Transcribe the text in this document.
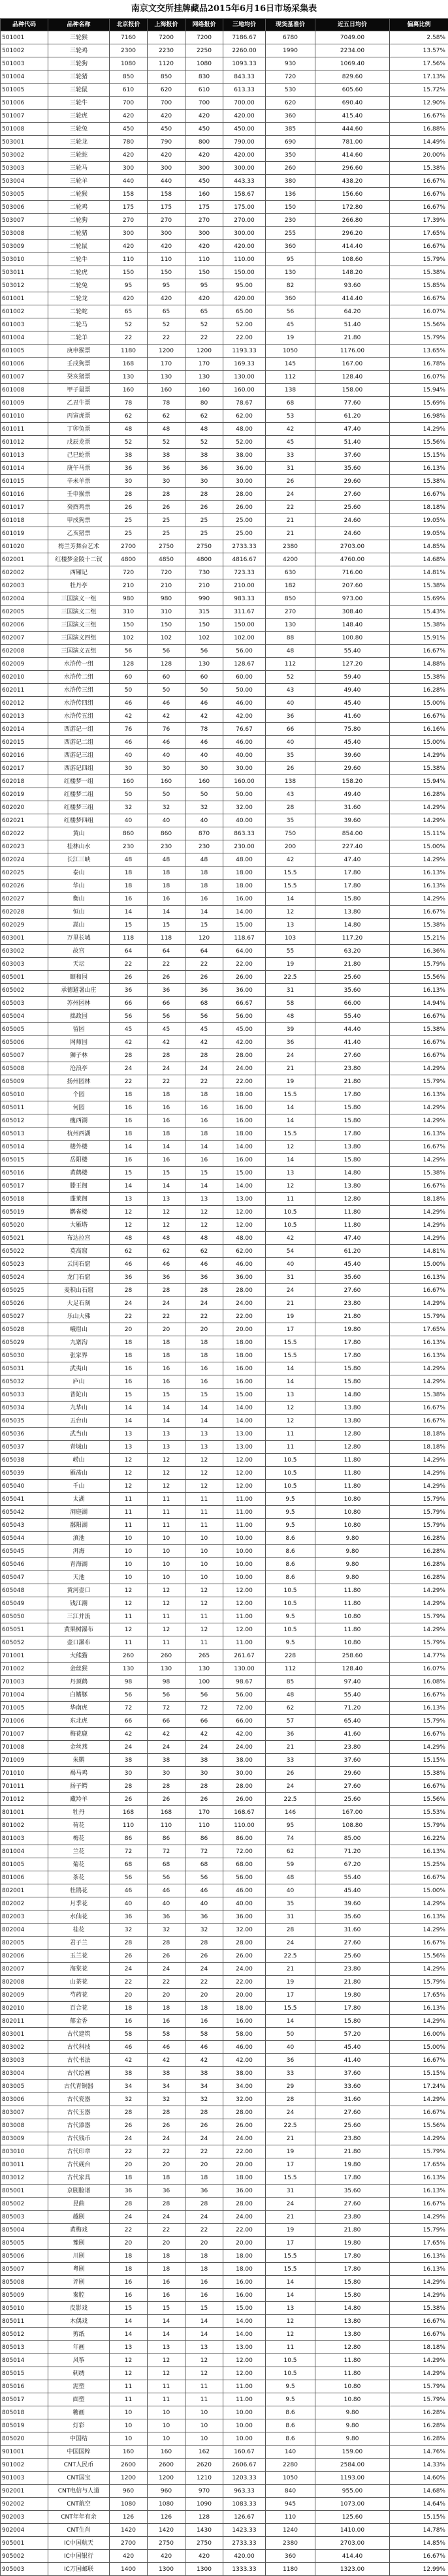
南京文交所挂牌藏品2015年6月16日市场采集表
品种代码	品种名称	北京报价	上海报价	网络报价	三地均价	现货基准价	近五日均价	偏离比例
501001	三轮猴	7160	7200	7200	7186.67	6780	7049.00	2.58%
501002	三轮鸡	2300	2230	2250	2260.00	1990	2234.00	13.57%
501003	三轮狗	1080	1120	1080	1093.33	930	1069.40	17.56%
501004	三轮猪	850	850	830	843.33	720	829.60	17.13%
501005	三轮鼠	610	620	610	613.33	530	605.60	15.72%
501006	三轮牛	700	700	700	700.00	620	690.40	12.90%
501007	三轮虎	420	420	420	420.00	360	415.40	16.67%
501008	三轮兔	450	450	450	450.00	385	444.60	16.88%
503001	三轮龙	780	790	800	790.00	690	781.00	14.49%
503002	三轮蛇	420	420	420	420.00	350	414.60	20.00%
503003	三轮马	300	300	300	300.00	260	296.60	15.38%
503004	三轮羊	440	440	450	443.33	380	438.20	16.67%
503005	二轮猴	158	158	160	158.67	136	156.60	16.67%
503006	二轮鸡	175	175	175	175.00	150	172.80	16.67%
503007	二轮狗	270	270	270	270.00	230	266.80	17.39%
503008	二轮猪	300	300	300	300.00	255	296.20	17.65%
503009	二轮鼠	420	420	420	420.00	360	414.40	16.67%
503010	二轮牛	110	110	110	110.00	95	108.60	15.79%
503011	二轮虎	150	150	150	150.00	130	148.20	15.38%
503012	二轮兔	95	95	95	95.00	82	93.60	15.85%
601001	二轮龙	420	420	420	420.00	360	414.40	16.67%
601002	二轮蛇	65	65	65	65.00	56	64.20	16.07%
601003	二轮马	52	52	52	52.00	45	51.40	15.56%
601004	二轮羊	22	22	22	22.00	19	21.80	15.79%
601005	庚申猴票	1180	1200	1200	1193.33	1050	1176.00	13.65%
601006	壬戌狗票	168	170	170	169.33	145	167.00	16.78%
601007	癸亥猪票	130	130	130	130.00	112	128.40	16.07%
601008	甲子鼠票	160	160	160	160.00	138	158.00	15.94%
601009	乙丑牛票	78	78	80	78.67	68	77.60	15.69%
601010	丙寅虎票	62	62	62	62.00	53	61.20	16.98%
601011	丁卯兔票	48	48	48	48.00	42	47.40	14.29%
601012	戊辰龙票	52	52	52	52.00	45	51.40	15.56%
601013	己巳蛇票	38	38	38	38.00	33	37.60	15.15%
601014	庚午马票	36	36	36	36.00	31	35.60	16.13%
601015	辛未羊票	30	30	30	30.00	26	29.60	15.38%
601016	壬申猴票	28	28	28	28.00	24	27.60	16.67%
601017	癸酉鸡票	26	26	26	26.00	22	25.60	18.18%
601018	甲戌狗票	25	25	25	25.00	21	24.60	19.05%
601019	乙亥猪票	25	25	25	25.00	21	24.60	19.05%
601020	梅兰芳舞台艺术	2700	2750	2750	2733.33	2380	2703.00	14.85%
602001	红楼梦金陵十二钗	4800	4850	4800	4816.67	4200	4760.00	14.68%
602002	西厢记	720	720	730	723.33	630	716.00	14.81%
602003	牡丹亭	210	210	210	210.00	182	207.60	15.38%
602004	三国演义一组	980	980	990	983.33	850	973.00	15.69%
602005	三国演义二组	310	310	315	311.67	270	308.40	15.43%
602006	三国演义三组	150	150	150	150.00	130	148.40	15.38%
602007	三国演义四组	102	102	102	102.00	88	100.80	15.91%
602008	三国演义五组	56	56	56	56.00	48	55.40	16.67%
602009	水浒传一组	128	128	130	128.67	112	127.20	14.88%
602010	水浒传二组	60	60	60	60.00	52	59.40	15.38%
602011	水浒传三组	50	50	50	50.00	43	49.40	16.28%
602012	水浒传四组	46	46	46	46.00	40	45.40	15.00%
602013	水浒传五组	42	42	42	42.00	36	41.60	16.67%
602014	西游记一组	76	76	78	76.67	66	75.80	16.16%
602015	西游记二组	46	46	46	46.00	40	45.40	15.00%
602016	西游记三组	40	40	40	40.00	35	39.60	14.29%
602017	西游记四组	30	30	30	30.00	26	29.60	15.38%
602018	红楼梦一组	160	160	160	160.00	138	158.20	15.94%
602019	红楼梦二组	50	50	50	50.00	43	49.40	16.28%
602020	红楼梦三组	32	32	32	32.00	28	31.60	14.29%
602021	红楼梦四组	40	40	40	40.00	35	39.60	14.29%
602022	黄山	860	860	870	863.33	750	854.00	15.11%
602023	桂林山水	230	230	230	230.00	200	227.40	15.00%
602024	长江三峡	48	48	48	48.00	42	47.40	14.29%
602025	泰山	18	18	18	18.00	15.5	17.80	16.13%
602026	华山	18	18	18	18.00	15.5	17.80	16.13%
602027	衡山	16	16	16	16.00	14	15.80	14.29%
602028	恒山	14	14	14	14.00	12	13.80	16.67%
602029	嵩山	15	15	15	15.00	13	14.80	15.38%
603001	万里长城	118	118	120	118.67	103	117.20	15.21%
603002	故宫	64	64	64	64.00	55	63.20	16.36%
603003	天坛	22	22	22	22.00	19	21.80	15.79%
605001	颐和园	26	26	26	26.00	22.5	25.60	15.56%
605002	承德避暑山庄	36	36	36	36.00	31	35.60	16.13%
605003	苏州园林	66	66	68	66.67	58	66.00	14.94%
605004	拙政园	56	56	56	56.00	48	55.40	16.67%
605005	留园	45	45	45	45.00	39	44.40	15.38%
605006	网师园	42	42	42	42.00	36	41.40	16.67%
605007	狮子林	28	28	28	28.00	24	27.60	16.67%
605008	沧浪亭	24	24	24	24.00	21	23.80	14.29%
605009	扬州园林	22	22	22	22.00	19	21.80	15.79%
605010	个园	18	18	18	18.00	15.5	17.80	16.13%
605011	何园	16	16	16	16.00	14	15.80	14.29%
605012	瘦西湖	16	16	16	16.00	14	15.80	14.29%
605013	杭州西湖	18	18	18	18.00	15.5	17.80	16.13%
605014	楼外楼	14	14	14	14.00	12	13.80	16.67%
605015	岳阳楼	16	16	16	16.00	14	15.80	14.29%
605016	黄鹤楼	15	15	15	15.00	13	14.80	15.38%
605017	滕王阁	14	14	14	14.00	12	13.80	16.67%
605018	蓬莱阁	13	13	13	13.00	11	12.80	18.18%
605019	鹳雀楼	12	12	12	12.00	10.5	11.80	14.29%
605020	大雁塔	12	12	12	12.00	10.5	11.80	14.29%
605021	布达拉宫	48	48	48	48.00	42	47.40	14.29%
605022	莫高窟	62	62	62	62.00	54	61.20	14.81%
605023	云冈石窟	46	46	46	46.00	40	45.40	15.00%
605024	龙门石窟	36	36	36	36.00	31	35.60	16.13%
605025	麦积山石窟	28	28	28	28.00	24	27.60	16.67%
605026	大足石刻	24	24	24	24.00	21	23.80	14.29%
605027	乐山大佛	22	22	22	22.00	19	21.80	15.79%
605028	峨眉山	20	20	20	20.00	17	19.80	17.65%
605029	九寨沟	18	18	18	18.00	15.5	17.80	16.13%
605030	张家界	18	18	18	18.00	15.5	17.80	16.13%
605031	武夷山	16	16	16	16.00	14	15.80	14.29%
605032	庐山	16	16	16	16.00	14	15.80	14.29%
605033	普陀山	15	15	15	15.00	13	14.80	15.38%
605034	九华山	14	14	14	14.00	12	13.80	16.67%
605035	五台山	14	14	14	14.00	12	13.80	16.67%
605036	武当山	13	13	13	13.00	11	12.80	18.18%
605037	青城山	13	13	13	13.00	11	12.80	18.18%
605038	崂山	12	12	12	12.00	10.5	11.80	14.29%
605039	雁荡山	12	12	12	12.00	10.5	11.80	14.29%
605040	千山	12	12	12	12.00	10.5	11.80	14.29%
605041	太湖	11	11	11	11.00	9.5	10.80	15.79%
605042	洞庭湖	11	11	11	11.00	9.5	10.80	15.79%
605043	鄱阳湖	11	11	11	11.00	9.5	10.80	15.79%
605044	滇池	10	10	10	10.00	8.6	9.80	16.28%
605045	洱海	10	10	10	10.00	8.6	9.80	16.28%
605046	青海湖	10	10	10	10.00	8.6	9.80	16.28%
605047	天池	10	10	10	10.00	8.6	9.80	16.28%
605048	黄河壶口	12	12	12	12.00	10.5	11.80	14.29%
605049	钱江潮	12	12	12	12.00	10.5	11.80	14.29%
605050	三江并流	11	11	11	11.00	9.5	10.80	15.79%
605051	黄果树瀑布	12	12	12	12.00	10.5	11.80	14.29%
605052	壶口瀑布	11	11	11	11.00	9.5	10.80	15.79%
701001	大熊猫	260	260	265	261.67	228	258.60	14.77%
701002	金丝猴	130	130	130	130.00	112	128.40	16.07%
701003	丹顶鹤	98	98	100	98.67	85	97.40	16.08%
701004	白鳍豚	56	56	56	56.00	48	55.40	16.67%
701005	华南虎	72	72	72	72.00	62	71.20	16.13%
701006	东北虎	66	66	66	66.00	57	65.40	15.79%
701007	梅花鹿	42	42	42	42.00	36	41.60	16.67%
701008	金丝燕	24	24	24	24.00	21	23.80	14.29%
701009	朱鹮	38	38	38	38.00	33	37.60	15.15%
701010	褐马鸡	30	30	30	30.00	26	29.60	15.38%
701011	扬子鳄	28	28	28	28.00	24	27.60	16.67%
701012	藏羚羊	26	26	26	26.00	22.5	25.60	15.56%
801001	牡丹	168	168	170	168.67	146	167.00	15.53%
801002	荷花	110	110	110	110.00	95	108.80	15.79%
801003	梅花	86	86	86	86.00	74	85.00	16.22%
801004	兰花	72	72	72	72.00	62	71.20	16.13%
801005	菊花	68	68	68	68.00	59	67.20	15.25%
801006	茶花	56	56	56	56.00	48	55.40	16.67%
802001	杜鹃花	46	46	46	46.00	40	45.40	15.00%
802002	月季花	40	40	40	40.00	35	39.60	14.29%
802003	水仙花	36	36	36	36.00	31	35.60	16.13%
802004	桂花	32	32	32	32.00	28	31.60	14.29%
802005	君子兰	28	28	28	28.00	24	27.60	16.67%
802006	玉兰花	26	26	26	26.00	22.5	25.60	15.56%
802007	海棠花	24	24	24	24.00	21	23.80	14.29%
802008	山茶花	22	22	22	22.00	19	21.80	15.79%
802009	芍药花	20	20	20	20.00	17	19.80	17.65%
802010	百合花	18	18	18	18.00	15.5	17.80	16.13%
802011	郁金香	16	16	16	16.00	14	15.80	14.29%
803001	古代建筑	58	58	58	58.00	50	57.20	16.00%
803002	古代科技	46	46	46	46.00	40	45.40	15.00%
803003	古代书法	42	42	42	42.00	36	41.40	16.67%
803004	古代绘画	38	38	38	38.00	33	37.60	15.15%
803005	古代青铜器	34	34	34	34.00	29	33.60	17.24%
803006	古代瓷器	32	32	32	32.00	28	31.60	14.29%
803007	古代玉器	28	28	28	28.00	24	27.60	16.67%
803008	古代漆器	26	26	26	26.00	22.5	25.60	15.56%
803009	古代钱币	24	24	24	24.00	21	23.80	14.29%
803010	古代印章	22	22	22	22.00	19	21.80	15.79%
803011	古代砚台	20	20	20	20.00	17	19.80	17.65%
803012	古代家具	18	18	18	18.00	15.5	17.80	16.13%
805001	京剧脸谱	36	36	36	36.00	31	35.60	16.13%
805002	昆曲	28	28	28	28.00	24	27.60	16.67%
805003	越剧	24	24	24	24.00	21	23.80	14.29%
805004	黄梅戏	22	22	22	22.00	19	21.80	15.79%
805005	豫剧	20	20	20	20.00	17	19.80	17.65%
805006	川剧	18	18	18	18.00	15.5	17.80	16.13%
805007	粤剧	18	18	18	18.00	15.5	17.80	16.13%
805008	评剧	16	16	16	16.00	14	15.80	14.29%
805009	秦腔	16	16	16	16.00	14	15.80	14.29%
805010	皮影戏	15	15	15	15.00	13	14.80	15.38%
805011	木偶戏	14	14	14	14.00	12	13.80	16.67%
805012	剪纸	14	14	14	14.00	12	13.80	16.67%
805013	年画	13	13	13	13.00	11	12.80	18.18%
805014	风筝	12	12	12	12.00	10.5	11.80	14.29%
805015	刺绣	12	12	12	12.00	10.5	11.80	14.29%
805016	泥塑	11	11	11	11.00	9.5	10.80	15.79%
805017	面塑	11	11	11	11.00	9.5	10.80	15.79%
805018	糖画	10	10	10	10.00	8.6	9.80	16.28%
805019	灯彩	10	10	10	10.00	8.6	9.80	16.28%
805020	中国结	10	10	10	10.00	8.6	9.80	16.28%
901001	中国国粹	160	160	162	160.67	140	159.00	14.76%
901002	CNT人民币	2600	2600	2620	2606.67	2280	2584.00	14.33%
901003	CNT国宝	1200	1200	1210	1203.33	1050	1193.00	14.60%
902001	CNT电信与人道	960	960	970	963.33	840	955.00	14.68%
902002	CNT航空	1080	1080	1090	1083.33	945	1073.00	14.64%
902003	CNT年年有余	126	126	128	126.67	110	125.60	15.15%
902004	CNT生肖	1420	1420	1430	1423.33	1240	1410.00	14.78%
905001	IC中国航天	2700	2750	2750	2733.33	2380	2703.00	14.85%
905002	IC中国银行	420	420	420	420.00	360	414.40	16.67%
905003	IC万国邮联	1400	1300	1300	1333.33	1180	1323.00	12.99%
